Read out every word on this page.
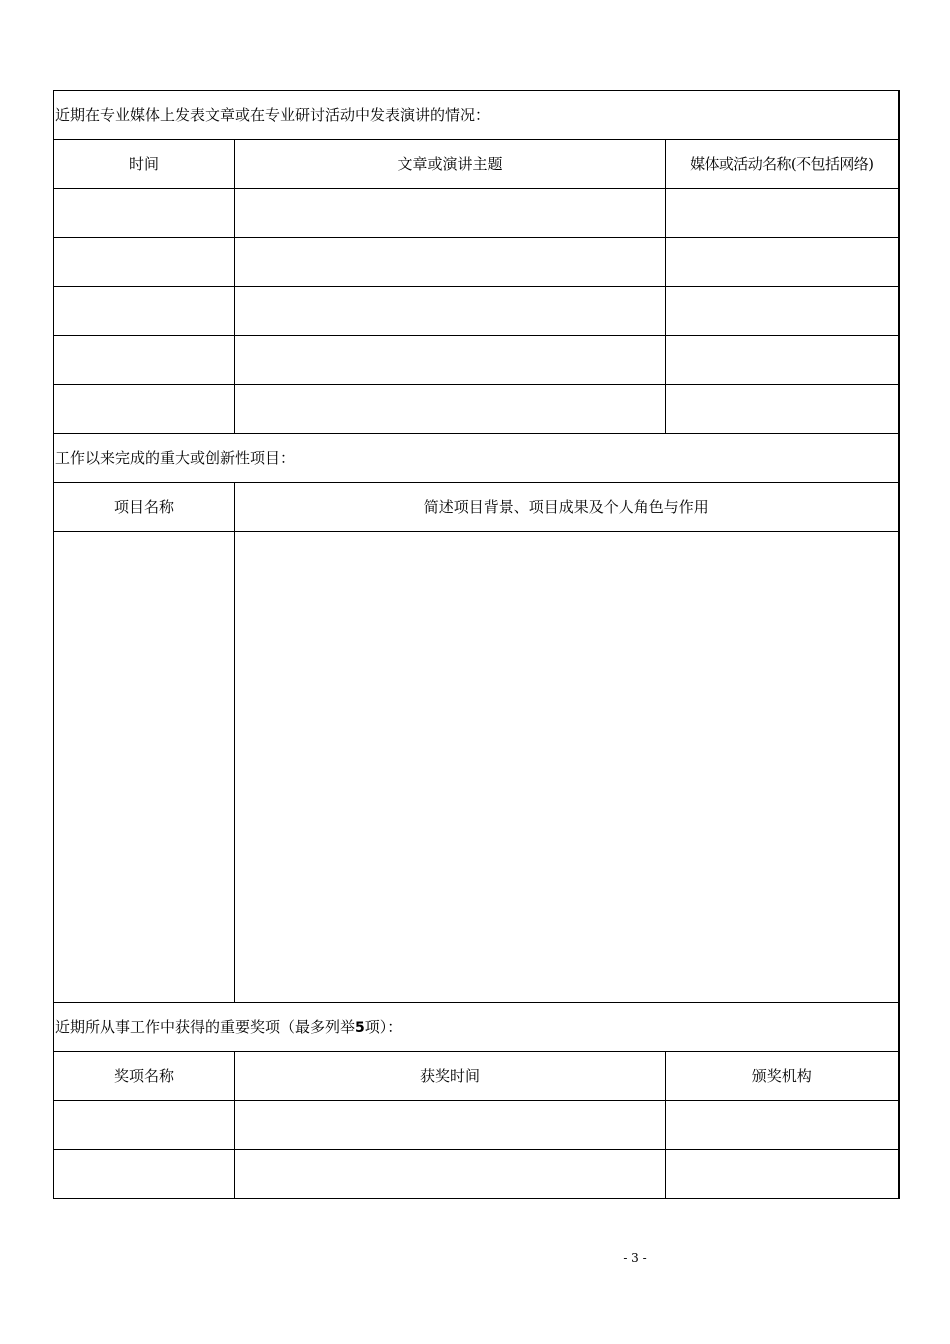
近期在专业媒体上发表文章或在专业研讨活动中发表演讲的情况：		
时间	文章或演讲主题	媒体或活动名称(不包括网络)

工作以来完成的重大或创新性项目：		
项目名称	简述项目背景、项目成果及个人角色与作用	

近期所从事工作中获得的重要奖项（最多列举5项）：		
奖项名称	获奖时间	颁奖机构

- 3 -
